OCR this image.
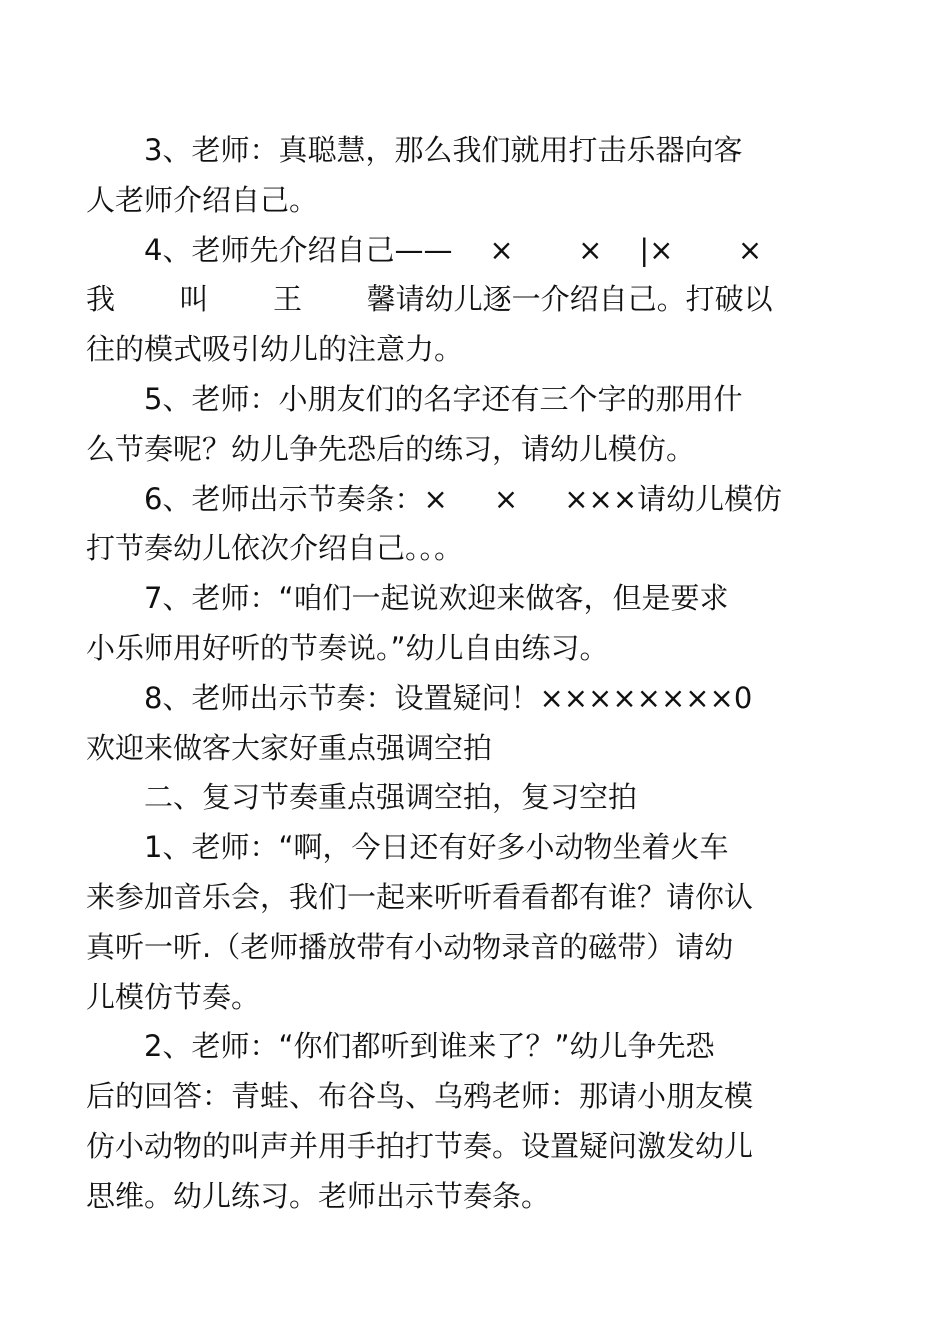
3、老师：真聪慧，那么我们就用打击乐器向客
人老师介绍自己。

4、老师先介绍自己——    ×       ×    |×       ×
我       叫       王       馨请幼儿逐一介绍自己。打破以
往的模式吸引幼儿的注意力。

5、老师：小朋友们的名字还有三个字的那用什
么节奏呢？幼儿争先恐后的练习，请幼儿模仿。

6、老师出示节奏条：×     ×     ×××请幼儿模仿
打节奏幼儿依次介绍自己。。。

7、老师：“咱们一起说欢迎来做客，但是要求
小乐师用好听的节奏说。”幼儿自由练习。

8、老师出示节奏：设置疑问！××××××××0
欢迎来做客大家好重点强调空拍

二、复习节奏重点强调空拍，复习空拍

1、老师：“啊，今日还有好多小动物坐着火车
来参加音乐会，我们一起来听听看看都有谁？请你认
真听一听.（老师播放带有小动物录音的磁带）请幼
儿模仿节奏。

2、老师：“你们都听到谁来了？”幼儿争先恐
后的回答：青蛙、布谷鸟、乌鸦老师：那请小朋友模
仿小动物的叫声并用手拍打节奏。设置疑问激发幼儿
思维。幼儿练习。老师出示节奏条。
